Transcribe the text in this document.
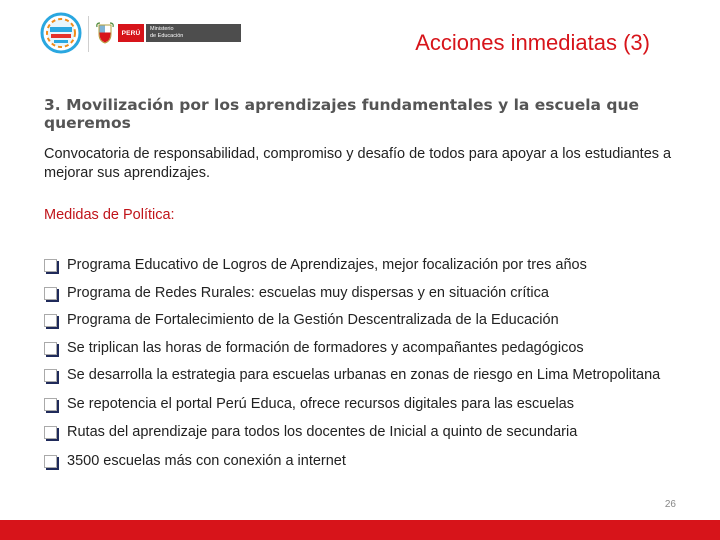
PERÚ
Ministerio
de Educación	Acciones inmediatas (3)
3. Movilización por los aprendizajes fundamentales y la escuela que queremos

Convocatoria de responsabilidad, compromiso y desafío de todos para apoyar a los estudiantes a mejorar sus aprendizajes.

Medidas de Política:
Programa Educativo de Logros de Aprendizajes, mejor focalización por tres años
Programa de Redes Rurales: escuelas muy dispersas y en situación crítica
Programa de Fortalecimiento de la Gestión Descentralizada de la Educación
Se triplican las horas de formación de formadores y acompañantes pedagógicos
Se desarrolla la estrategia para escuelas urbanas en zonas de riesgo en Lima Metropolitana
Se repotencia el portal Perú Educa, ofrece recursos digitales para las escuelas
Rutas del aprendizaje para todos los docentes de Inicial a quinto de secundaria
3500 escuelas más con conexión a internet
26
